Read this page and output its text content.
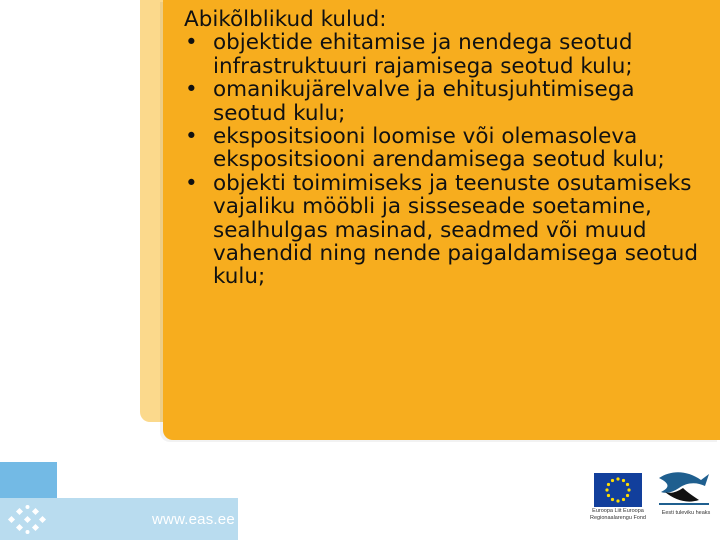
Abikõlblikud kulud:

• objektide ehitamise ja nendega seotud infrastruktuuri rajamisega seotud kulu;
• omanikujärelvalve ja ehitusjuhtimisega seotud kulu;
• ekspositsiooni loomise või olemasoleva ekspositsiooni arendamisega seotud kulu;
• objekti toimimiseks ja teenuste osutamiseks vajaliku mööbli ja sisseseade soetamine, sealhulgas masinad, seadmed või muud vahendid ning nende paigaldamisega seotud kulu;
www.eas.ee	Euroopa Liit Euroopa Regionaalarengu Fond
Eesti tuleviku heaks
